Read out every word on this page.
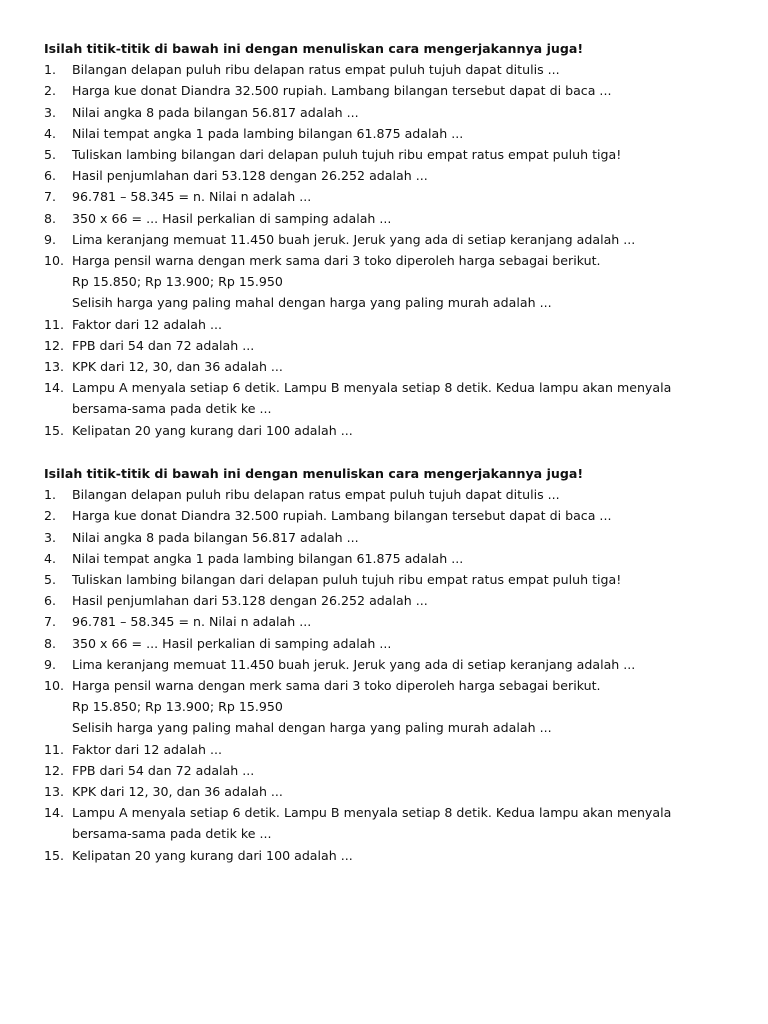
Isilah titik-titik di bawah ini dengan menuliskan cara mengerjakannya juga!
1.	Bilangan delapan puluh ribu delapan ratus empat puluh tujuh dapat ditulis ...
2.	Harga kue donat Diandra 32.500 rupiah. Lambang bilangan tersebut dapat di baca ...
3.	Nilai angka 8 pada bilangan 56.817 adalah ...
4.	Nilai tempat angka 1 pada lambing bilangan 61.875 adalah ...
5.	Tuliskan lambing bilangan dari delapan puluh tujuh ribu empat ratus empat puluh tiga!
6.	Hasil penjumlahan dari 53.128 dengan 26.252 adalah ...
7.	96.781 – 58.345 = n. Nilai n adalah ...
8.	350 x 66 = ... Hasil perkalian di samping adalah ...
9.	Lima keranjang memuat 11.450 buah jeruk. Jeruk yang ada di setiap keranjang adalah ...
10. Harga pensil warna dengan merk sama dari 3 toko diperoleh harga sebagai berikut.
Rp 15.850; Rp 13.900; Rp 15.950
Selisih harga yang paling mahal dengan harga yang paling murah adalah ...
11. Faktor dari 12 adalah ...
12. FPB dari 54 dan 72 adalah ...
13. KPK dari 12, 30, dan 36 adalah ...
14. Lampu A menyala setiap 6 detik. Lampu B menyala setiap 8 detik. Kedua lampu akan menyala
bersama-sama pada detik ke ...
15. Kelipatan 20 yang kurang dari 100 adalah ...
Isilah titik-titik di bawah ini dengan menuliskan cara mengerjakannya juga!
1.	Bilangan delapan puluh ribu delapan ratus empat puluh tujuh dapat ditulis ...
2.	Harga kue donat Diandra 32.500 rupiah. Lambang bilangan tersebut dapat di baca ...
3.	Nilai angka 8 pada bilangan 56.817 adalah ...
4.	Nilai tempat angka 1 pada lambing bilangan 61.875 adalah ...
5.	Tuliskan lambing bilangan dari delapan puluh tujuh ribu empat ratus empat puluh tiga!
6.	Hasil penjumlahan dari 53.128 dengan 26.252 adalah ...
7.	96.781 – 58.345 = n. Nilai n adalah ...
8.	350 x 66 = ... Hasil perkalian di samping adalah ...
9.	Lima keranjang memuat 11.450 buah jeruk. Jeruk yang ada di setiap keranjang adalah ...
10. Harga pensil warna dengan merk sama dari 3 toko diperoleh harga sebagai berikut.
Rp 15.850; Rp 13.900; Rp 15.950
Selisih harga yang paling mahal dengan harga yang paling murah adalah ...
11. Faktor dari 12 adalah ...
12. FPB dari 54 dan 72 adalah ...
13. KPK dari 12, 30, dan 36 adalah ...
14. Lampu A menyala setiap 6 detik. Lampu B menyala setiap 8 detik. Kedua lampu akan menyala
bersama-sama pada detik ke ...
15. Kelipatan 20 yang kurang dari 100 adalah ...
